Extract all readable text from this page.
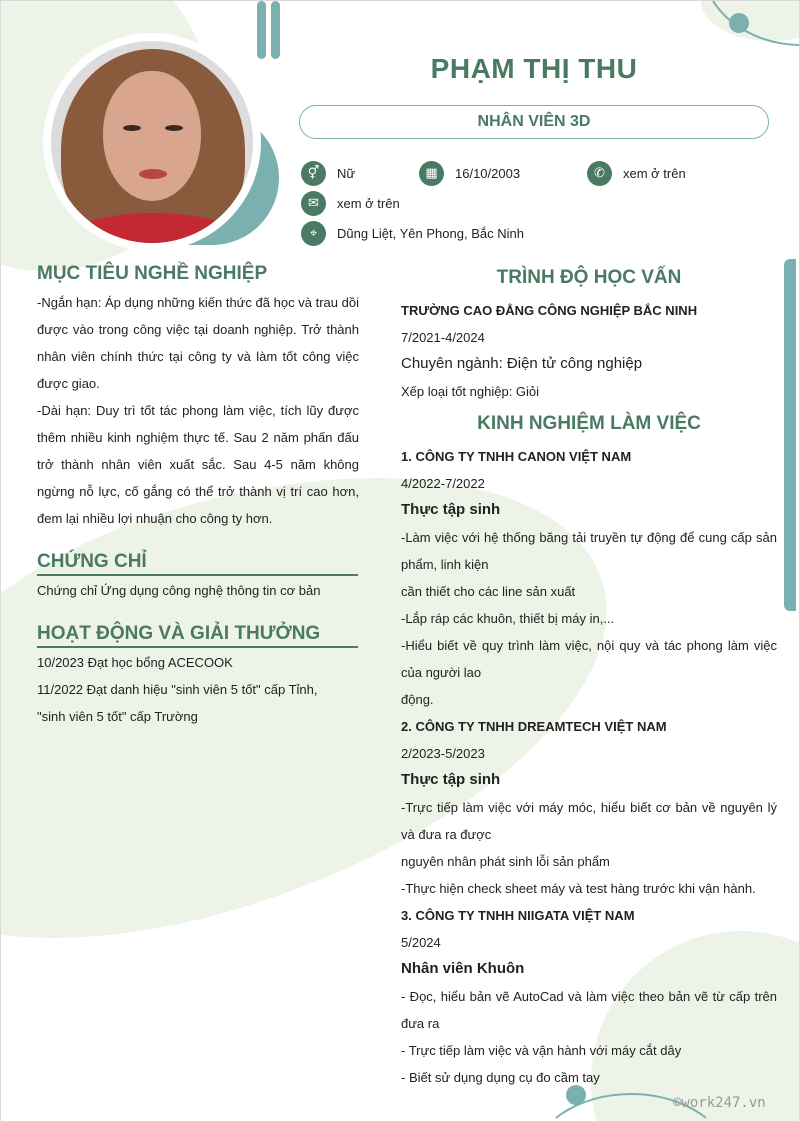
PHẠM THỊ THU
NHÂN VIÊN 3D
⚥	Nữ	▦	16/10/2003	✆	xem ở trên
✉	xem ở trên
⌖	Dũng Liệt, Yên Phong, Bắc Ninh
MỤC TIÊU NGHỀ NGHIỆP
-Ngắn hạn: Áp dụng những kiến thức đã học và trau dồi được vào trong công việc tại doanh nghiệp. Trở thành nhân viên chính thức tại công ty và làm tốt công việc được giao.
-Dài hạn: Duy trì tốt tác phong làm việc, tích lũy được thêm nhiều kinh nghiệm thực tế. Sau 2 năm phấn đấu trở thành nhân viên xuất sắc. Sau 4-5 năm không ngừng nỗ lực, cố gắng có thể trở thành vị trí cao hơn, đem lại nhiều lợi nhuận cho công ty hơn.
CHỨNG CHỈ
Chứng chỉ Ứng dụng công nghệ thông tin cơ bản
HOẠT ĐỘNG VÀ GIẢI THƯỞNG
10/2023 Đạt học bổng ACECOOK
11/2022 Đạt danh hiệu "sinh viên 5 tốt" cấp Tỉnh,
"sinh viên 5 tốt" cấp Trường
TRÌNH ĐỘ HỌC VẤN
TRƯỜNG CAO ĐẲNG CÔNG NGHIỆP BẮC NINH
7/2021-4/2024
Chuyên ngành: Điện tử công nghiệp
Xếp loại tốt nghiệp: Giỏi
KINH NGHIỆM LÀM VIỆC
1. CÔNG TY TNHH CANON VIỆT NAM
4/2022-7/2022
Thực tập sinh
-Làm việc với hệ thống băng tải truyền tự động để cung cấp sản phẩm, linh kiện
cần thiết cho các line sản xuất
-Lắp ráp các khuôn, thiết bị máy in,...
-Hiểu biết về quy trình làm việc, nội quy và tác phong làm việc của người lao
động.
2. CÔNG TY TNHH DREAMTECH VIỆT NAM
2/2023-5/2023
Thực tập sinh
-Trực tiếp làm việc với máy móc, hiểu biết cơ bản về nguyên lý và đưa ra được
nguyên nhân phát sinh lỗi sản phẩm
-Thực hiện check sheet máy và test hàng trước khi vận hành.
3. CÔNG TY TNHH NIIGATA VIỆT NAM
5/2024
Nhân viên Khuôn
- Đọc, hiểu bản vẽ AutoCad và làm việc theo bản vẽ từ cấp trên đưa ra
- Trực tiếp làm việc và vận hành với máy cắt dây
- Biết sử dụng dụng cụ đo cầm tay
©work247.vn
